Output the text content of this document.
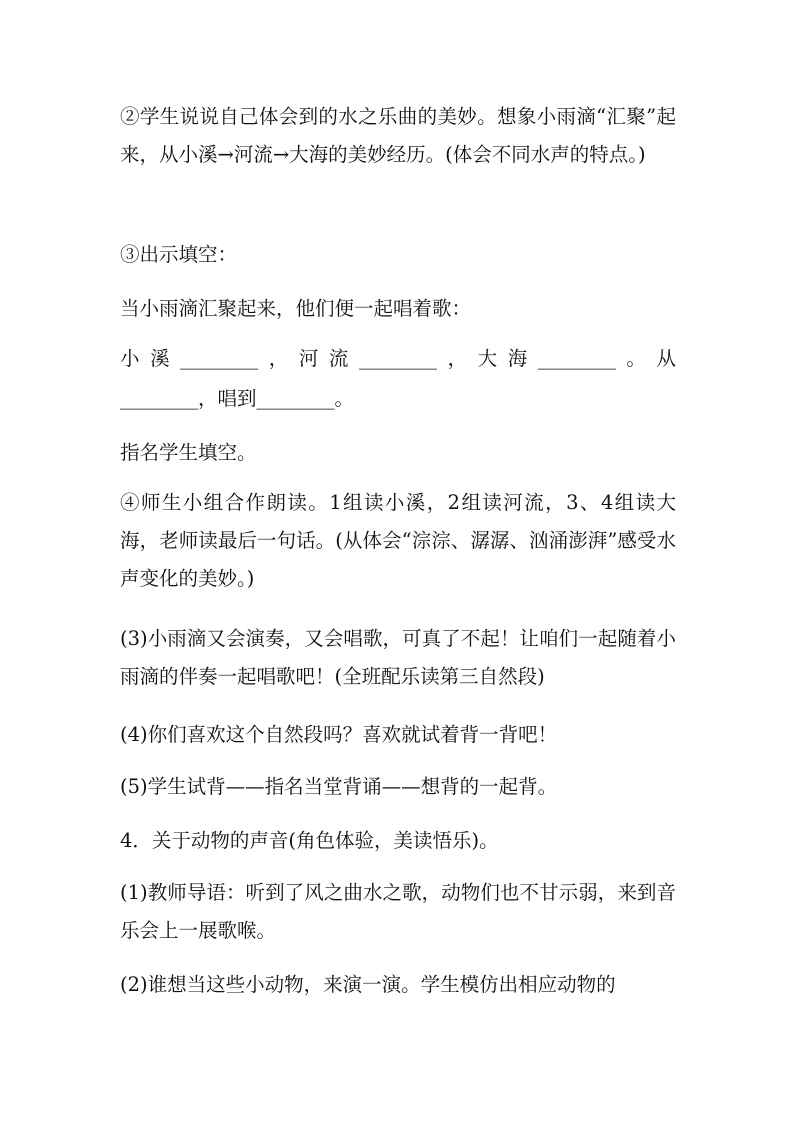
②学生说说自己体会到的水之乐曲的美妙。想象小雨滴“汇聚”起来，从小溪→河流→大海的美妙经历。(体会不同水声的特点。)

③出示填空：

当小雨滴汇聚起来，他们便一起唱着歌：

小溪________，河流________，大海________。从

________，唱到________。

指名学生填空。

④师生小组合作朗读。1组读小溪，2组读河流，3、4组读大海，老师读最后一句话。(从体会“淙淙、潺潺、汹涌澎湃”感受水声变化的美妙。)

(3)小雨滴又会演奏，又会唱歌，可真了不起！让咱们一起随着小雨滴的伴奏一起唱歌吧！(全班配乐读第三自然段)

(4)你们喜欢这个自然段吗？喜欢就试着背一背吧！

(5)学生试背——指名当堂背诵——想背的一起背。

4．关于动物的声音(角色体验，美读悟乐)。

(1)教师导语：听到了风之曲水之歌，动物们也不甘示弱，来到音乐会上一展歌喉。

(2)谁想当这些小动物，来演一演。学生模仿出相应动物的
